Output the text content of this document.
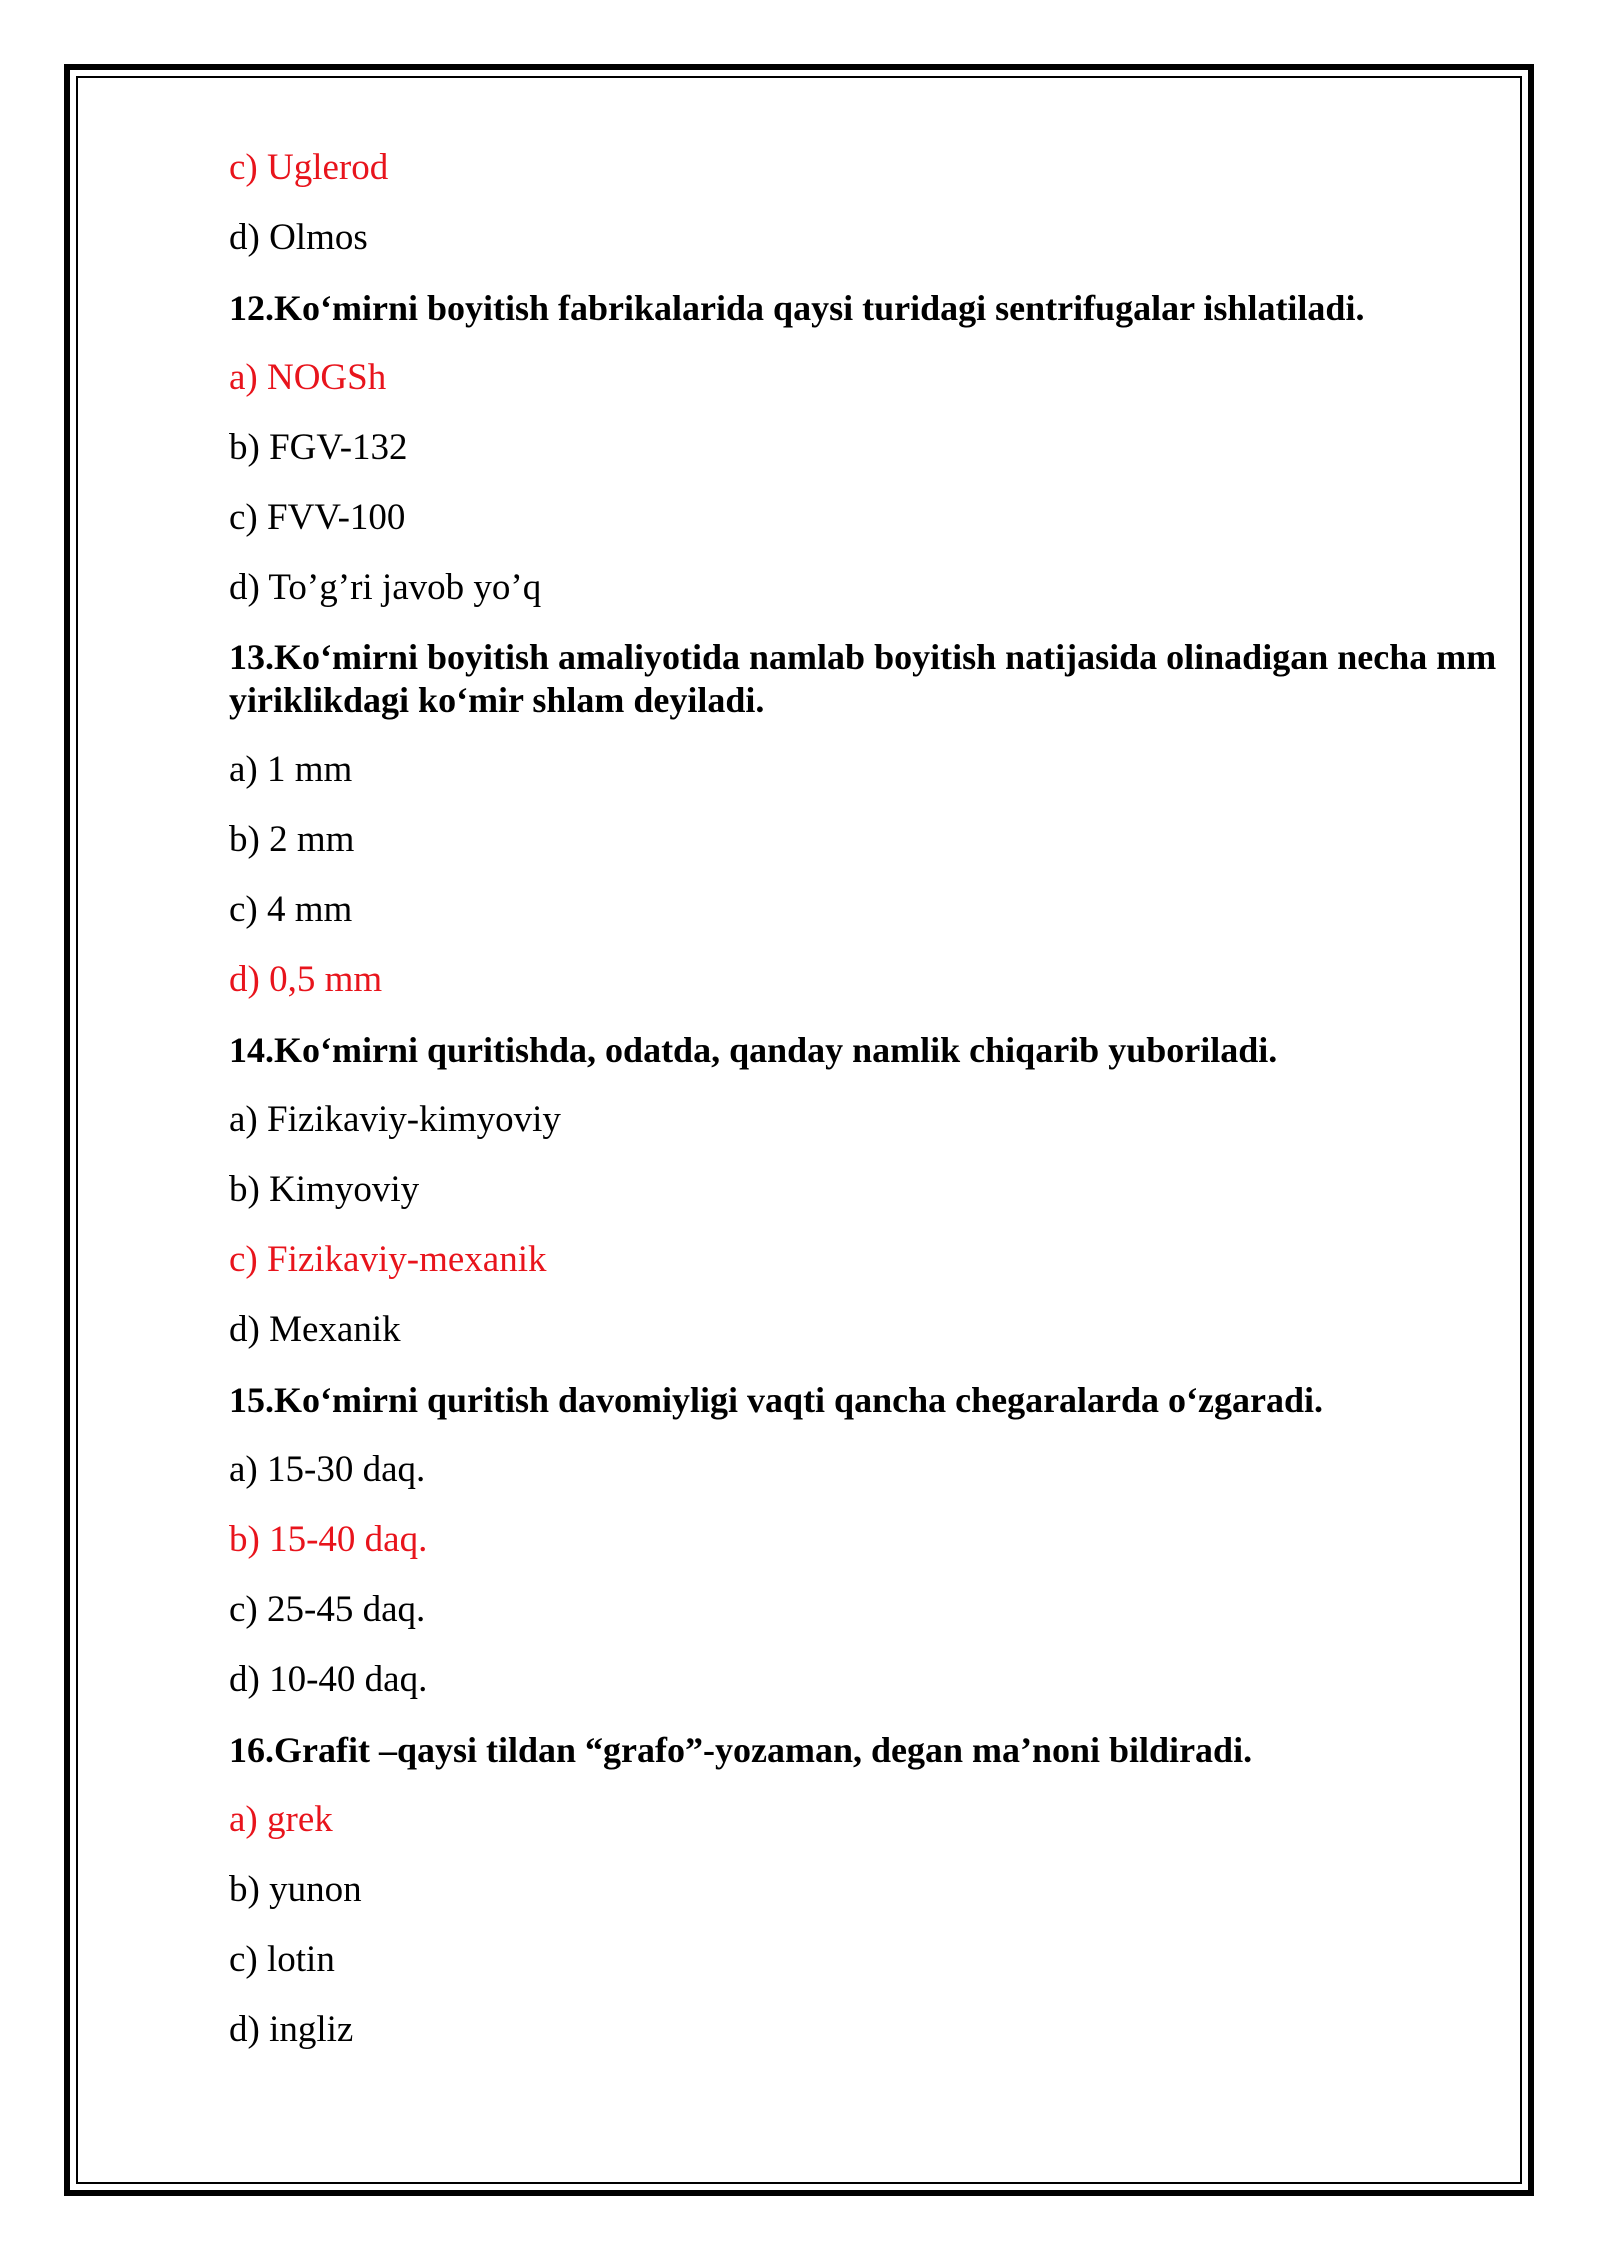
c) Uglerod
d) Olmos
12.Ko‘mirni boyitish fabrikalarida qaysi turidagi sentrifugalar ishlatiladi.
a) NOGSh
b) FGV-132
c) FVV-100
d) To’g’ri javob yo’q
13.Ko‘mirni boyitish amaliyotida namlab boyitish natijasida olinadigan necha mm yiriklikdagi ko‘mir shlam deyiladi.
a) 1 mm
b) 2 mm
c) 4 mm
d) 0,5 mm
14.Ko‘mirni quritishda, odatda, qanday namlik chiqarib yuboriladi.
a) Fizikaviy-kimyoviy
b) Kimyoviy
c) Fizikaviy-mexanik
d) Mexanik
15.Ko‘mirni quritish davomiyligi vaqti qancha chegaralarda o‘zgaradi.
a) 15-30 daq.
b) 15-40 daq.
c) 25-45 daq.
d) 10-40 daq.
16.Grafit –qaysi tildan “grafo”-yozaman, degan ma’noni bildiradi.
a) grek
b) yunon
c) lotin
d) ingliz
